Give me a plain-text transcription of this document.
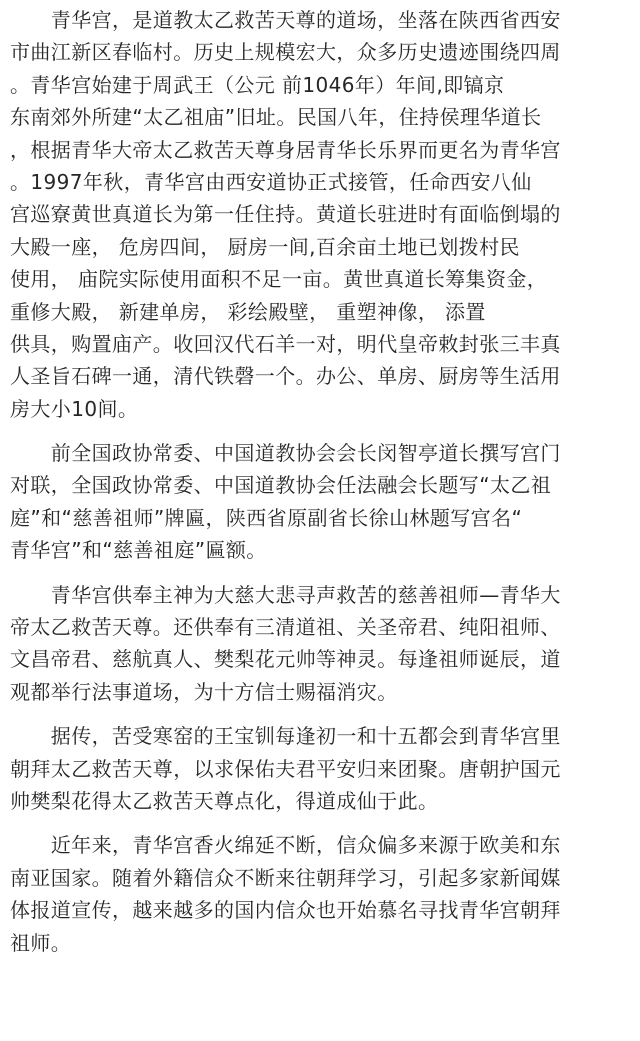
　　青华宫，是道教太乙救苦天尊的道场，坐落在陕西省西安
市曲江新区春临村。历史上规模宏大，众多历史遗迹围绕四周
。青华宫始建于周武王（公元 前1046年）年间,即镐京
东南郊外所建“太乙祖庙”旧址。民国八年，住持侯理华道长
，根据青华大帝太乙救苦天尊身居青华长乐界而更名为青华宫
。1997年秋，青华宫由西安道协正式接管，任命西安八仙
宫巡寮黄世真道长为第一任住持。黄道长驻进时有面临倒塌的
大殿一座， 危房四间， 厨房一间,百余亩土地已划拨村民
使用， 庙院实际使用面积不足一亩。黄世真道长筹集资金，
重修大殿， 新建单房， 彩绘殿壁， 重塑神像， 添置
供具，购置庙产。收回汉代石羊一对，明代皇帝敕封张三丰真
人圣旨石碑一通，清代铁磬一个。办公、单房、厨房等生活用
房大小10间。
　　前全国政协常委、中国道教协会会长闵智亭道长撰写宫门
对联，全国政协常委、中国道教协会任法融会长题写“太乙祖
庭”和“慈善祖师”牌匾，陕西省原副省长徐山林题写宫名“
青华宫”和“慈善祖庭”匾额。
　　青华宫供奉主神为大慈大悲寻声救苦的慈善祖师—青华大
帝太乙救苦天尊。还供奉有三清道祖、关圣帝君、纯阳祖师、
文昌帝君、慈航真人、樊梨花元帅等神灵。每逢祖师诞辰，道
观都举行法事道场，为十方信士赐福消灾。
　　据传，苦受寒窑的王宝钏每逢初一和十五都会到青华宫里
朝拜太乙救苦天尊，以求保佑夫君平安归来团聚。唐朝护国元
帅樊梨花得太乙救苦天尊点化，得道成仙于此。
　　近年来，青华宫香火绵延不断，信众偏多来源于欧美和东
南亚国家。随着外籍信众不断来往朝拜学习，引起多家新闻媒
体报道宣传，越来越多的国内信众也开始慕名寻找青华宫朝拜
祖师。
